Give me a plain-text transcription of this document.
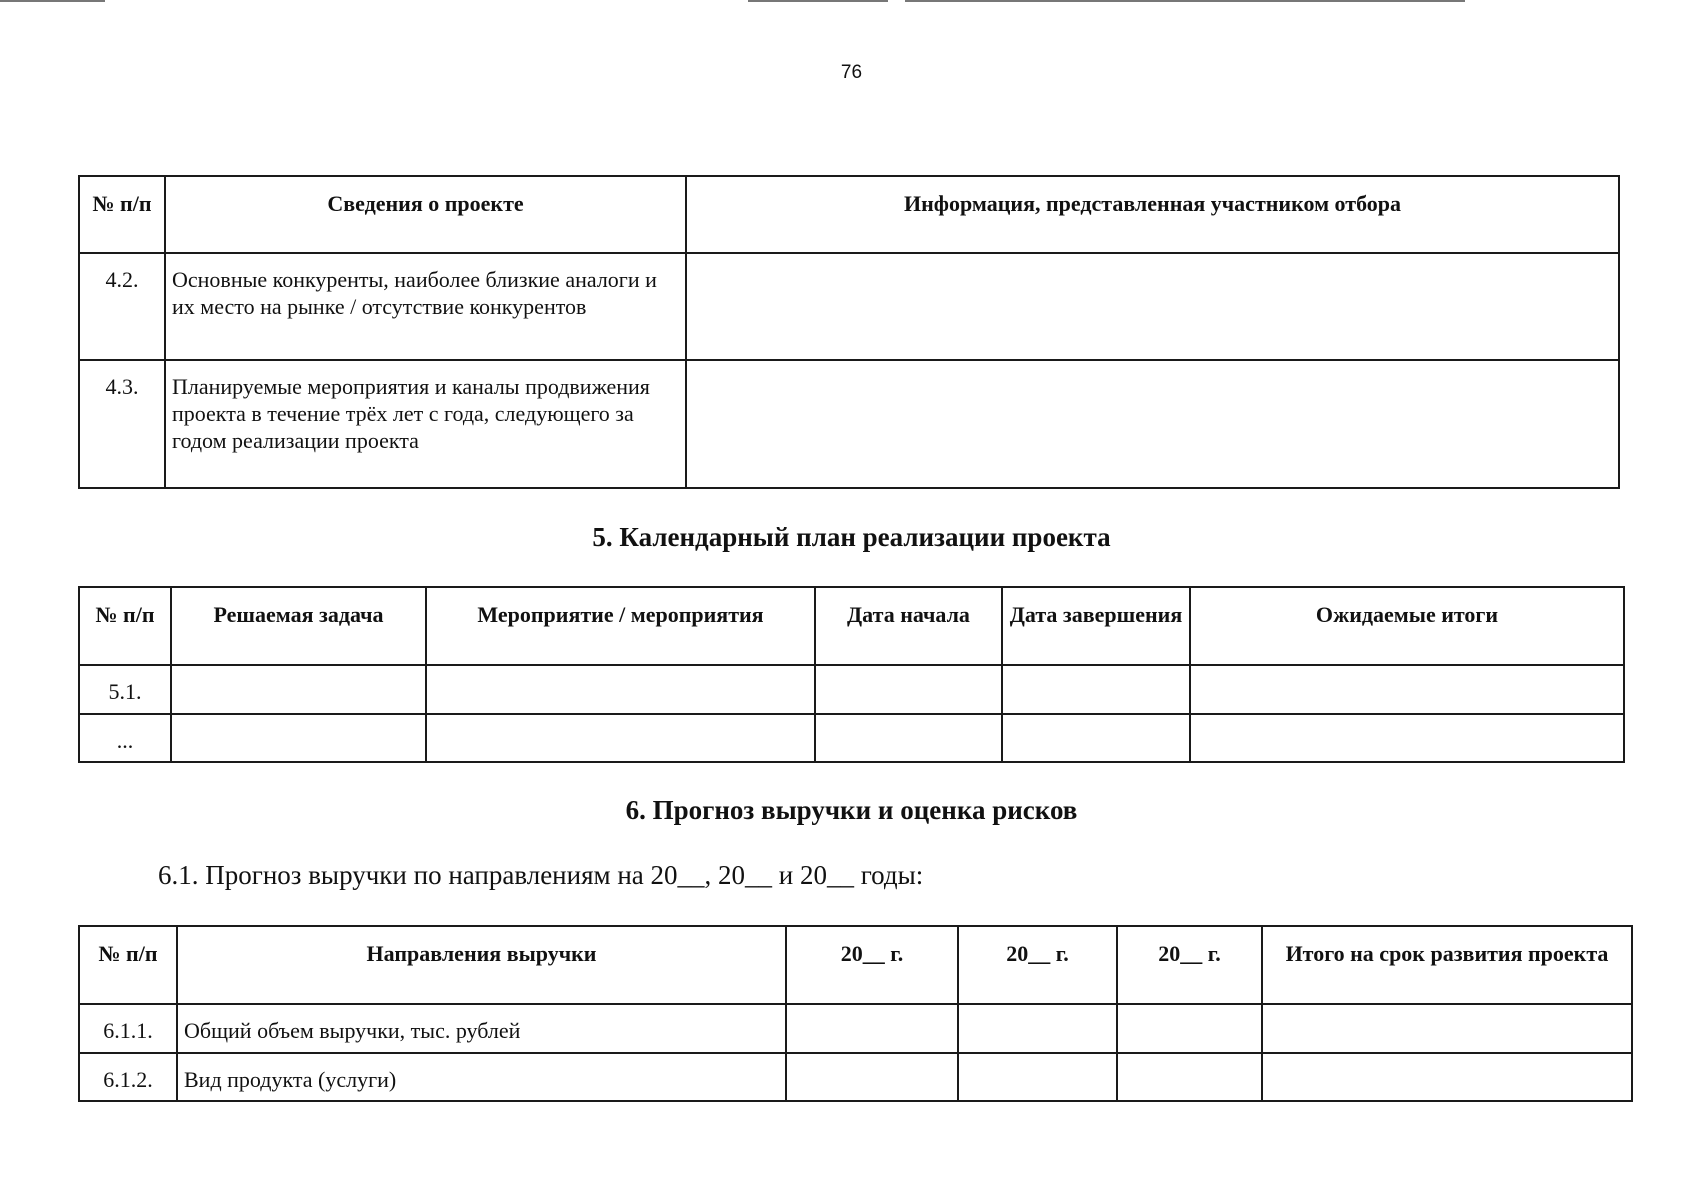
76
№ п/п	Сведения о проекте	Информация, представленная участником отбора
4.2.	Основные конкуренты, наиболее близкие аналоги и их место на рынке / отсутствие конкурентов	
4.3.	Планируемые мероприятия и каналы продвижения проекта в течение трёх лет с года, следующего за годом реализации проекта	
5. Календарный план реализации проекта
№ п/п	Решаемая задача	Мероприятие / мероприятия	Дата начала	Дата завершения	Ожидаемые итоги
5.1.					
...					
6. Прогноз выручки и оценка рисков
6.1. Прогноз выручки по направлениям на 20__, 20__ и 20__ годы:
№ п/п	Направления выручки	20__ г.	20__ г.	20__ г.	Итого на срок развития проекта
6.1.1.	Общий объем выручки, тыс. рублей				
6.1.2.	Вид продукта (услуги)				
